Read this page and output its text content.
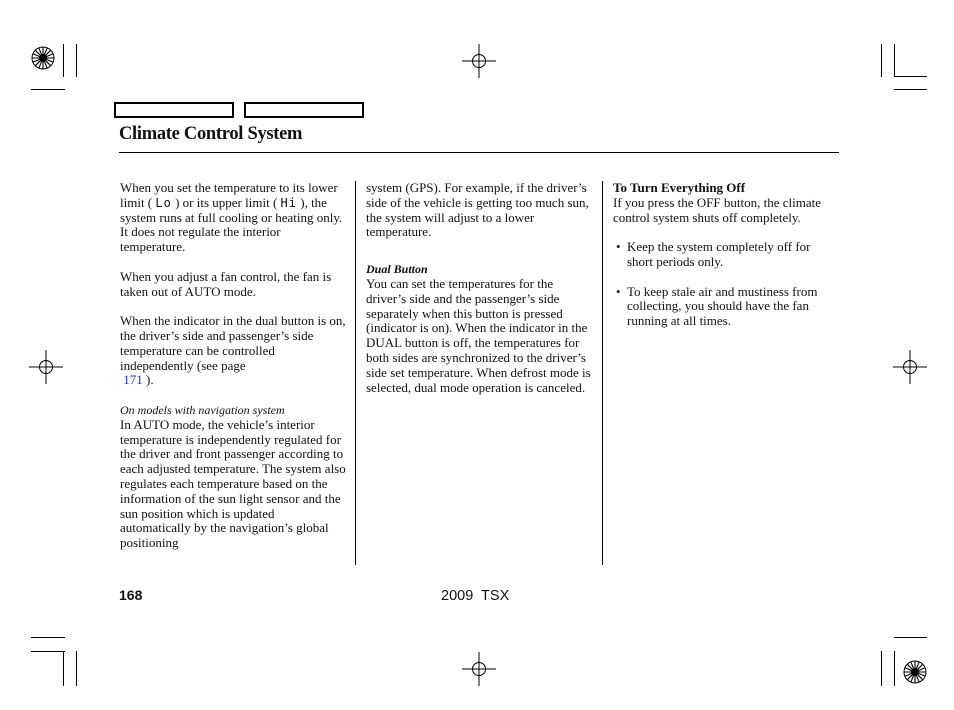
Climate Control System

When you set the temperature to its lower limit ( Lo ) or its upper limit ( Hi ), the system runs at full cooling or heating only. It does not regulate the interior temperature.

When you adjust a fan control, the fan is taken out of AUTO mode.

When the indicator in the dual button is on, the driver’s side and passenger’s side temperature can be controlled independently (see page
171 ).

On models with navigation system

In AUTO mode, the vehicle’s interior temperature is independently regulated for the driver and front passenger according to each adjusted temperature. The system also regulates each temperature based on the information of the sun light sensor and the sun position which is updated automatically by the navigation’s global positioning

system (GPS). For example, if the driver’s side of the vehicle is getting too much sun, the system will adjust to a lower temperature.

Dual Button

You can set the temperatures for the driver’s side and the passenger’s side separately when this button is pressed (indicator is on). When the indicator in the DUAL button is off, the temperatures for both sides are synchronized to the driver’s side set temperature. When defrost mode is selected, dual mode operation is canceled.

To Turn Everything Off

If you press the OFF button, the climate control system shuts off completely.

• Keep the system completely off for short periods only.

• To keep stale air and mustiness from collecting, you should have the fan running at all times.

168	2009  TSX
